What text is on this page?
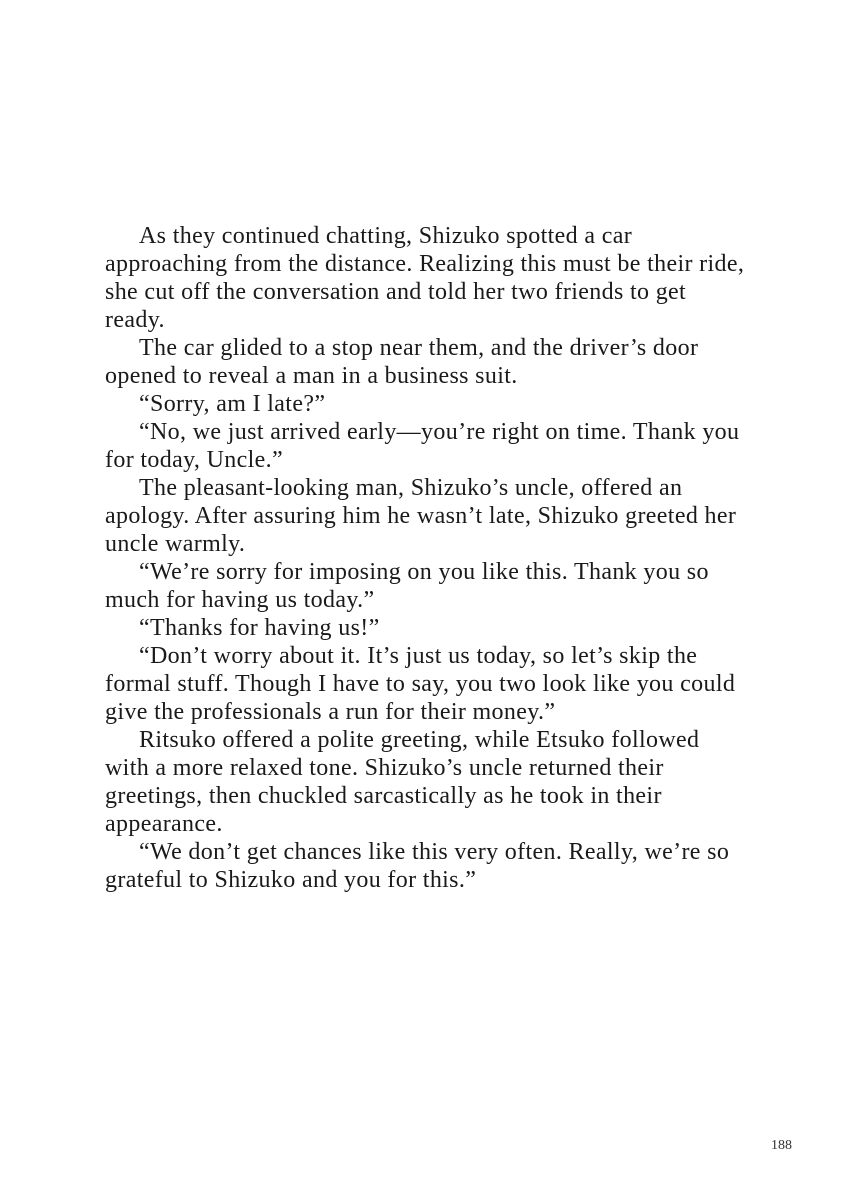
As they continued chatting, Shizuko spotted a car approaching from the distance. Realizing this must be their ride, she cut off the conversation and told her two friends to get ready.

The car glided to a stop near them, and the driver’s door opened to reveal a man in a business suit.

“Sorry, am I late?”

“No, we just arrived early—you’re right on time. Thank you for today, Uncle.”

The pleasant-looking man, Shizuko’s uncle, offered an apology. After assuring him he wasn’t late, Shizuko greeted her uncle warmly.

“We’re sorry for imposing on you like this. Thank you so much for having us today.”

“Thanks for having us!”

“Don’t worry about it. It’s just us today, so let’s skip the formal stuff. Though I have to say, you two look like you could give the professionals a run for their money.”

Ritsuko offered a polite greeting, while Etsuko followed with a more relaxed tone. Shizuko’s uncle returned their greetings, then chuckled sarcastically as he took in their appearance.

“We don’t get chances like this very often. Really, we’re so grateful to Shizuko and you for this.”

188
